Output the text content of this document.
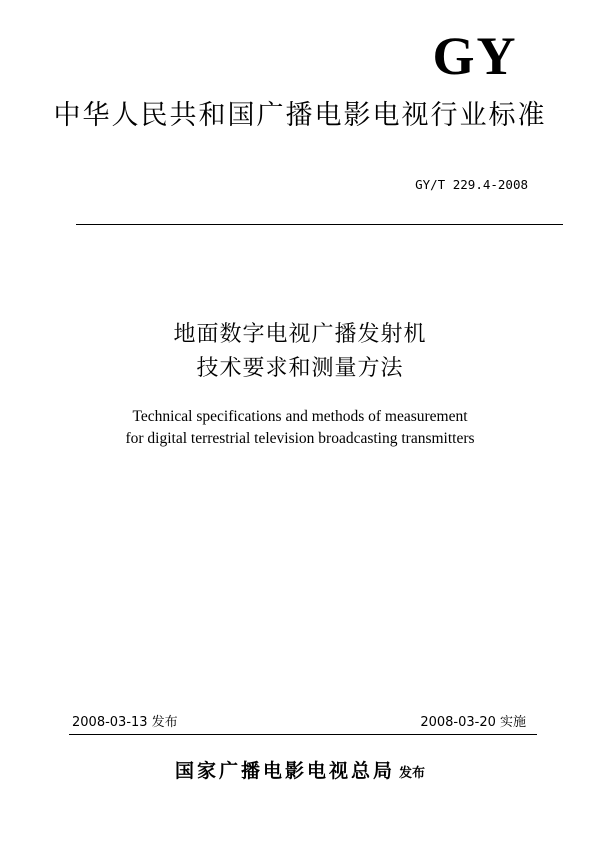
GY
中华人民共和国广播电影电视行业标准
GY/T 229.4-2008
地面数字电视广播发射机
技术要求和测量方法
Technical specifications and methods of measurement
for digital terrestrial television broadcasting transmitters
2008-03-13 发布	2008-03-20 实施
国家广播电影电视总局 发布
